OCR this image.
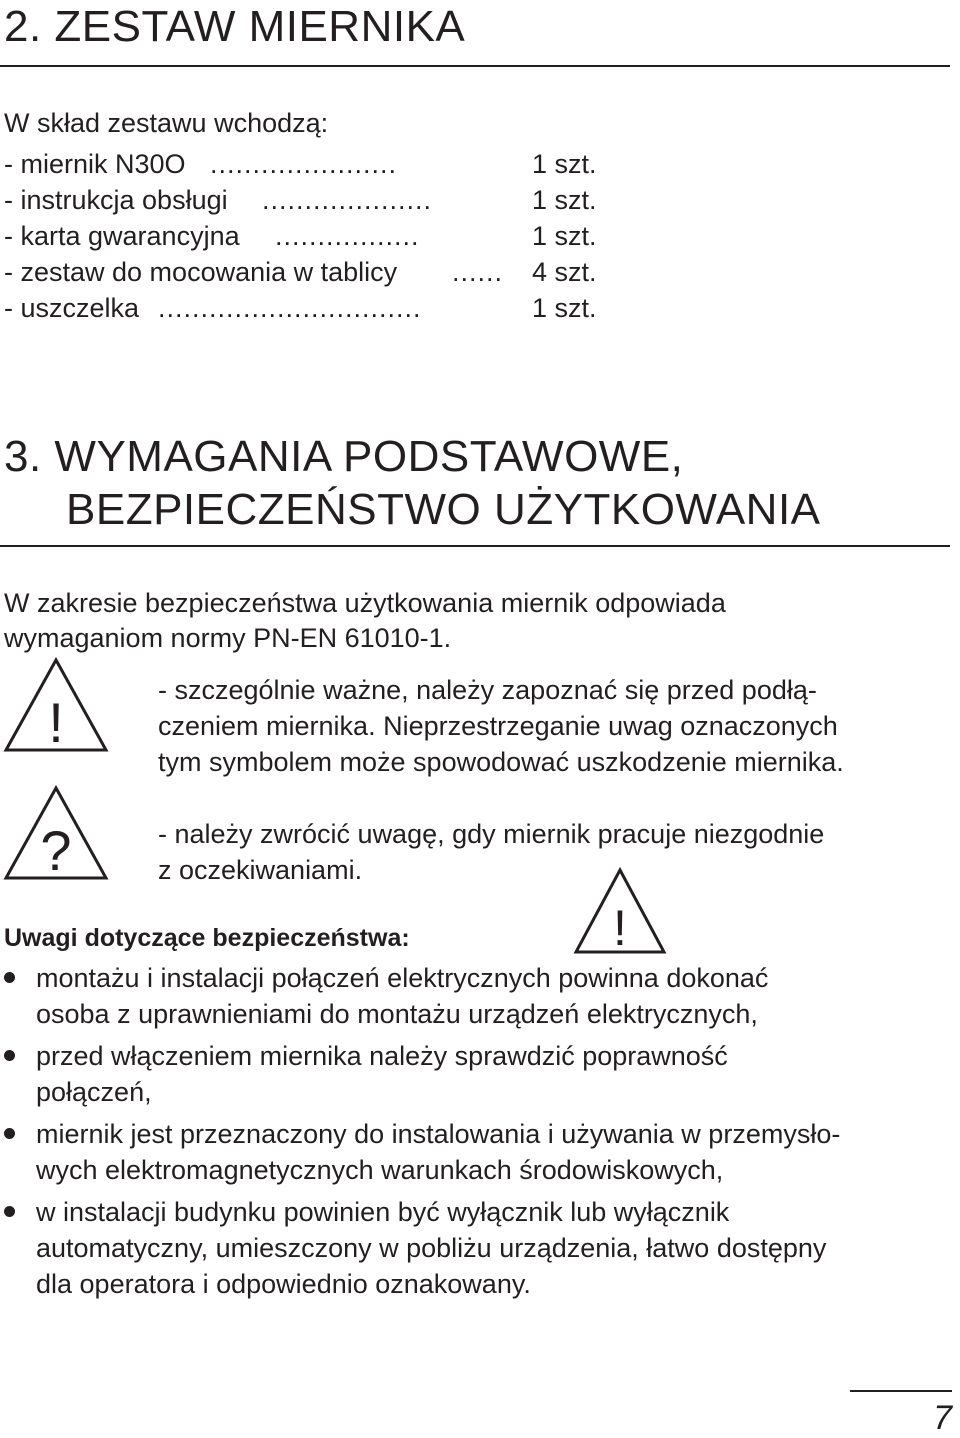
2. ZESTAW MIERNIKA
W skład zestawu wchodzą:
- miernik N30O ......................	1 szt.
- instrukcja obsługi ....................	1 szt.
- karta gwarancyjna .................	1 szt.
- zestaw do mocowania w tablicy ......	4 szt.
- uszczelka ...............................	1 szt.
3. WYMAGANIA PODSTAWOWE,
BEZPIECZEŃSTWO UŻYTKOWANIA
W zakresie bezpieczeństwa użytkowania miernik odpowiada
wymaganiom normy PN-EN 61010-1.
!
- szczególnie ważne, należy zapoznać się przed podłą-
czeniem miernika. Nieprzestrzeganie uwag oznaczonych
tym symbolem może spowodować uszkodzenie miernika.
?	- należy zwrócić uwagę, gdy miernik pracuje niezgodnie
z oczekiwaniami.
Uwagi dotyczące bezpieczeństwa:	!
montażu i instalacji połączeń elektrycznych powinna dokonać
osoba z uprawnieniami do montażu urządzeń elektrycznych,
przed włączeniem miernika należy sprawdzić poprawność
połączeń,
miernik jest przeznaczony do instalowania i używania w przemysło-
wych elektromagnetycznych warunkach środowiskowych,
w instalacji budynku powinien być wyłącznik lub wyłącznik
automatyczny, umieszczony w pobliżu urządzenia, łatwo dostępny
dla operatora i odpowiednio oznakowany.
7
